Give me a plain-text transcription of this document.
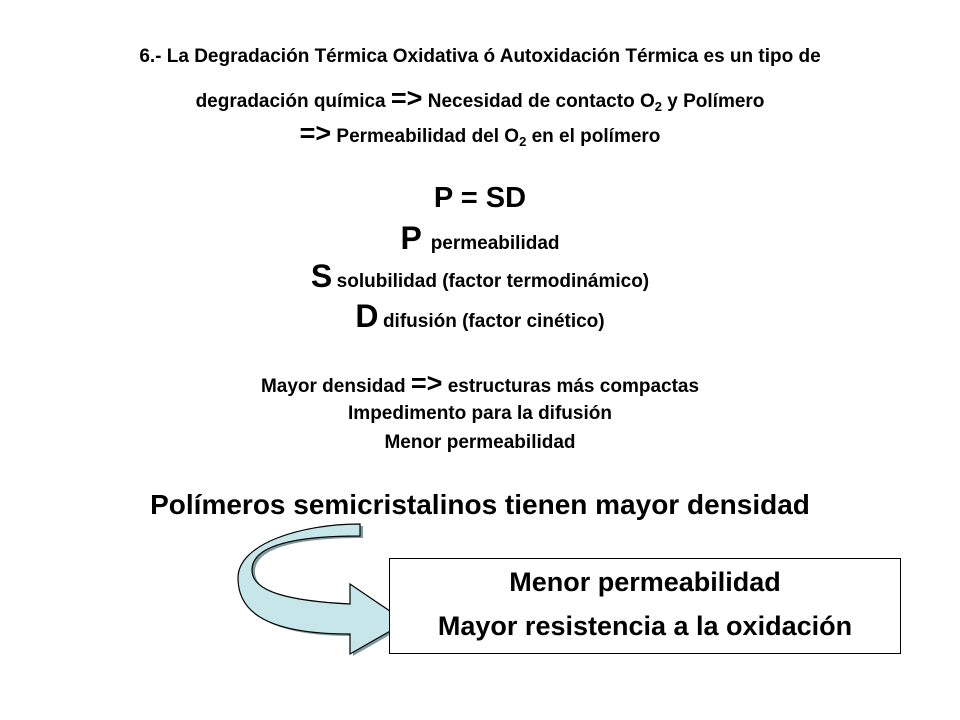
6.- La Degradación Térmica Oxidativa ó Autoxidación Térmica es un tipo de
degradación química => Necesidad de contacto $O_2$ y Polímero
=> Permeabilidad del $O_2$ en el polímero
P = SD
P permeabilidad
S solubilidad (factor termodinámico)
D difusión (factor cinético)
Mayor densidad => estructuras más compactas
Impedimento para la difusión
Menor permeabilidad
Polímeros semicristalinos tienen mayor densidad
Menor permeabilidad
Mayor resistencia a la oxidación
